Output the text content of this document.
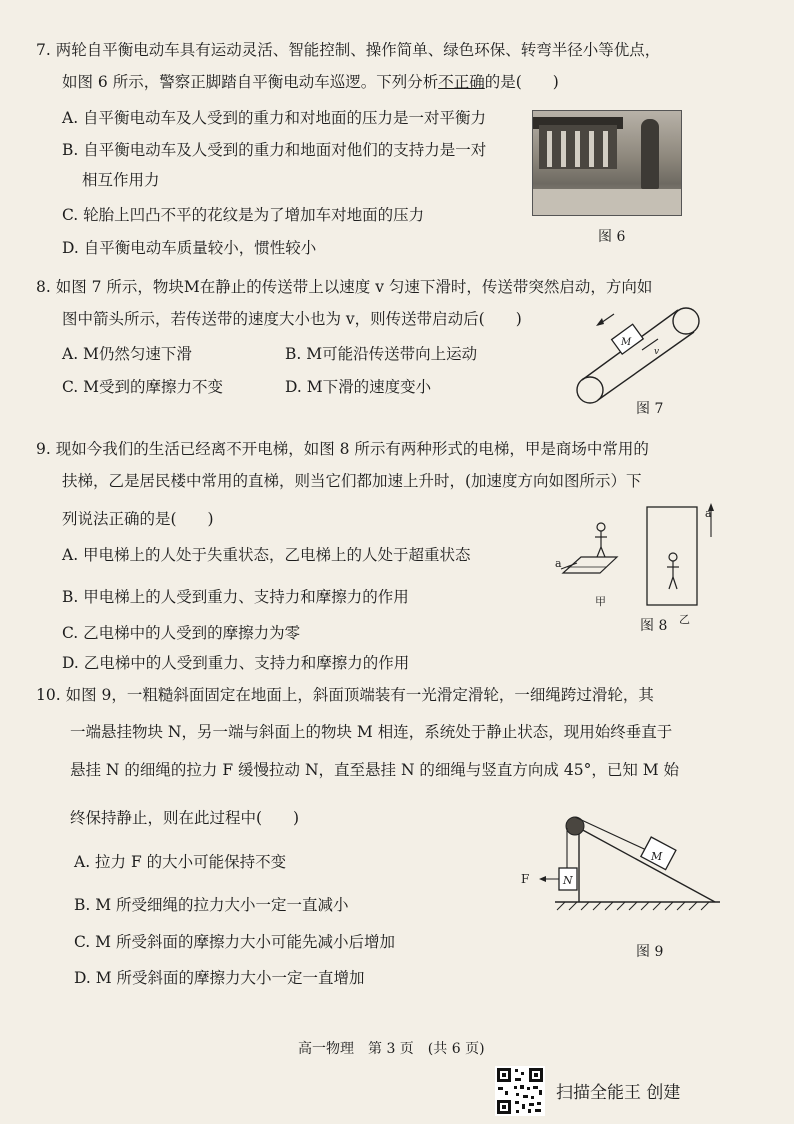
7. 两轮自平衡电动车具有运动灵活、智能控制、操作简单、绿色环保、转弯半径小等优点，
如图 6 所示，警察正脚踏自平衡电动车巡逻。下列分析不正确的是(　　)
A. 自平衡电动车及人受到的重力和对地面的压力是一对平衡力
B. 自平衡电动车及人受到的重力和地面对他们的支持力是一对
相互作用力
C. 轮胎上凹凸不平的花纹是为了增加车对地面的压力
D. 自平衡电动车质量较小，惯性较小
图 6
8. 如图 7 所示，物块M在静止的传送带上以速度 v 匀速下滑时，传送带突然启动，方向如
图中箭头所示，若传送带的速度大小也为 v，则传送带启动后(　　)
A. M仍然匀速下滑	B. M可能沿传送带向上运动
C. M受到的摩擦力不变	D. M下滑的速度变小
M
v
图 7
9. 现如今我们的生活已经离不开电梯，如图 8 所示有两种形式的电梯，甲是商场中常用的
扶梯，乙是居民楼中常用的直梯，则当它们都加速上升时，(加速度方向如图所示）下
列说法正确的是(　　)
A. 甲电梯上的人处于失重状态，乙电梯上的人处于超重状态
B. 甲电梯上的人受到重力、支持力和摩擦力的作用
C. 乙电梯中的人受到的摩擦力为零
D. 乙电梯中的人受到重力、支持力和摩擦力的作用
a
甲
a
乙
图 8
10. 如图 9，一粗糙斜面固定在地面上，斜面顶端装有一光滑定滑轮，一细绳跨过滑轮，其
一端悬挂物块 N，另一端与斜面上的物块 M 相连，系统处于静止状态，现用始终垂直于
悬挂 N 的细绳的拉力 F 缓慢拉动 N，直至悬挂 N 的细绳与竖直方向成 45°，已知 M 始
终保持静止，则在此过程中(　　)
A. 拉力 F 的大小可能保持不变
B. M 所受细绳的拉力大小一定一直减小
C. M 所受斜面的摩擦力大小可能先减小后增加
D. M 所受斜面的摩擦力大小一定一直增加
M
N
F
图 9
高一物理　第 3 页　(共 6 页)
扫描全能王 创建
